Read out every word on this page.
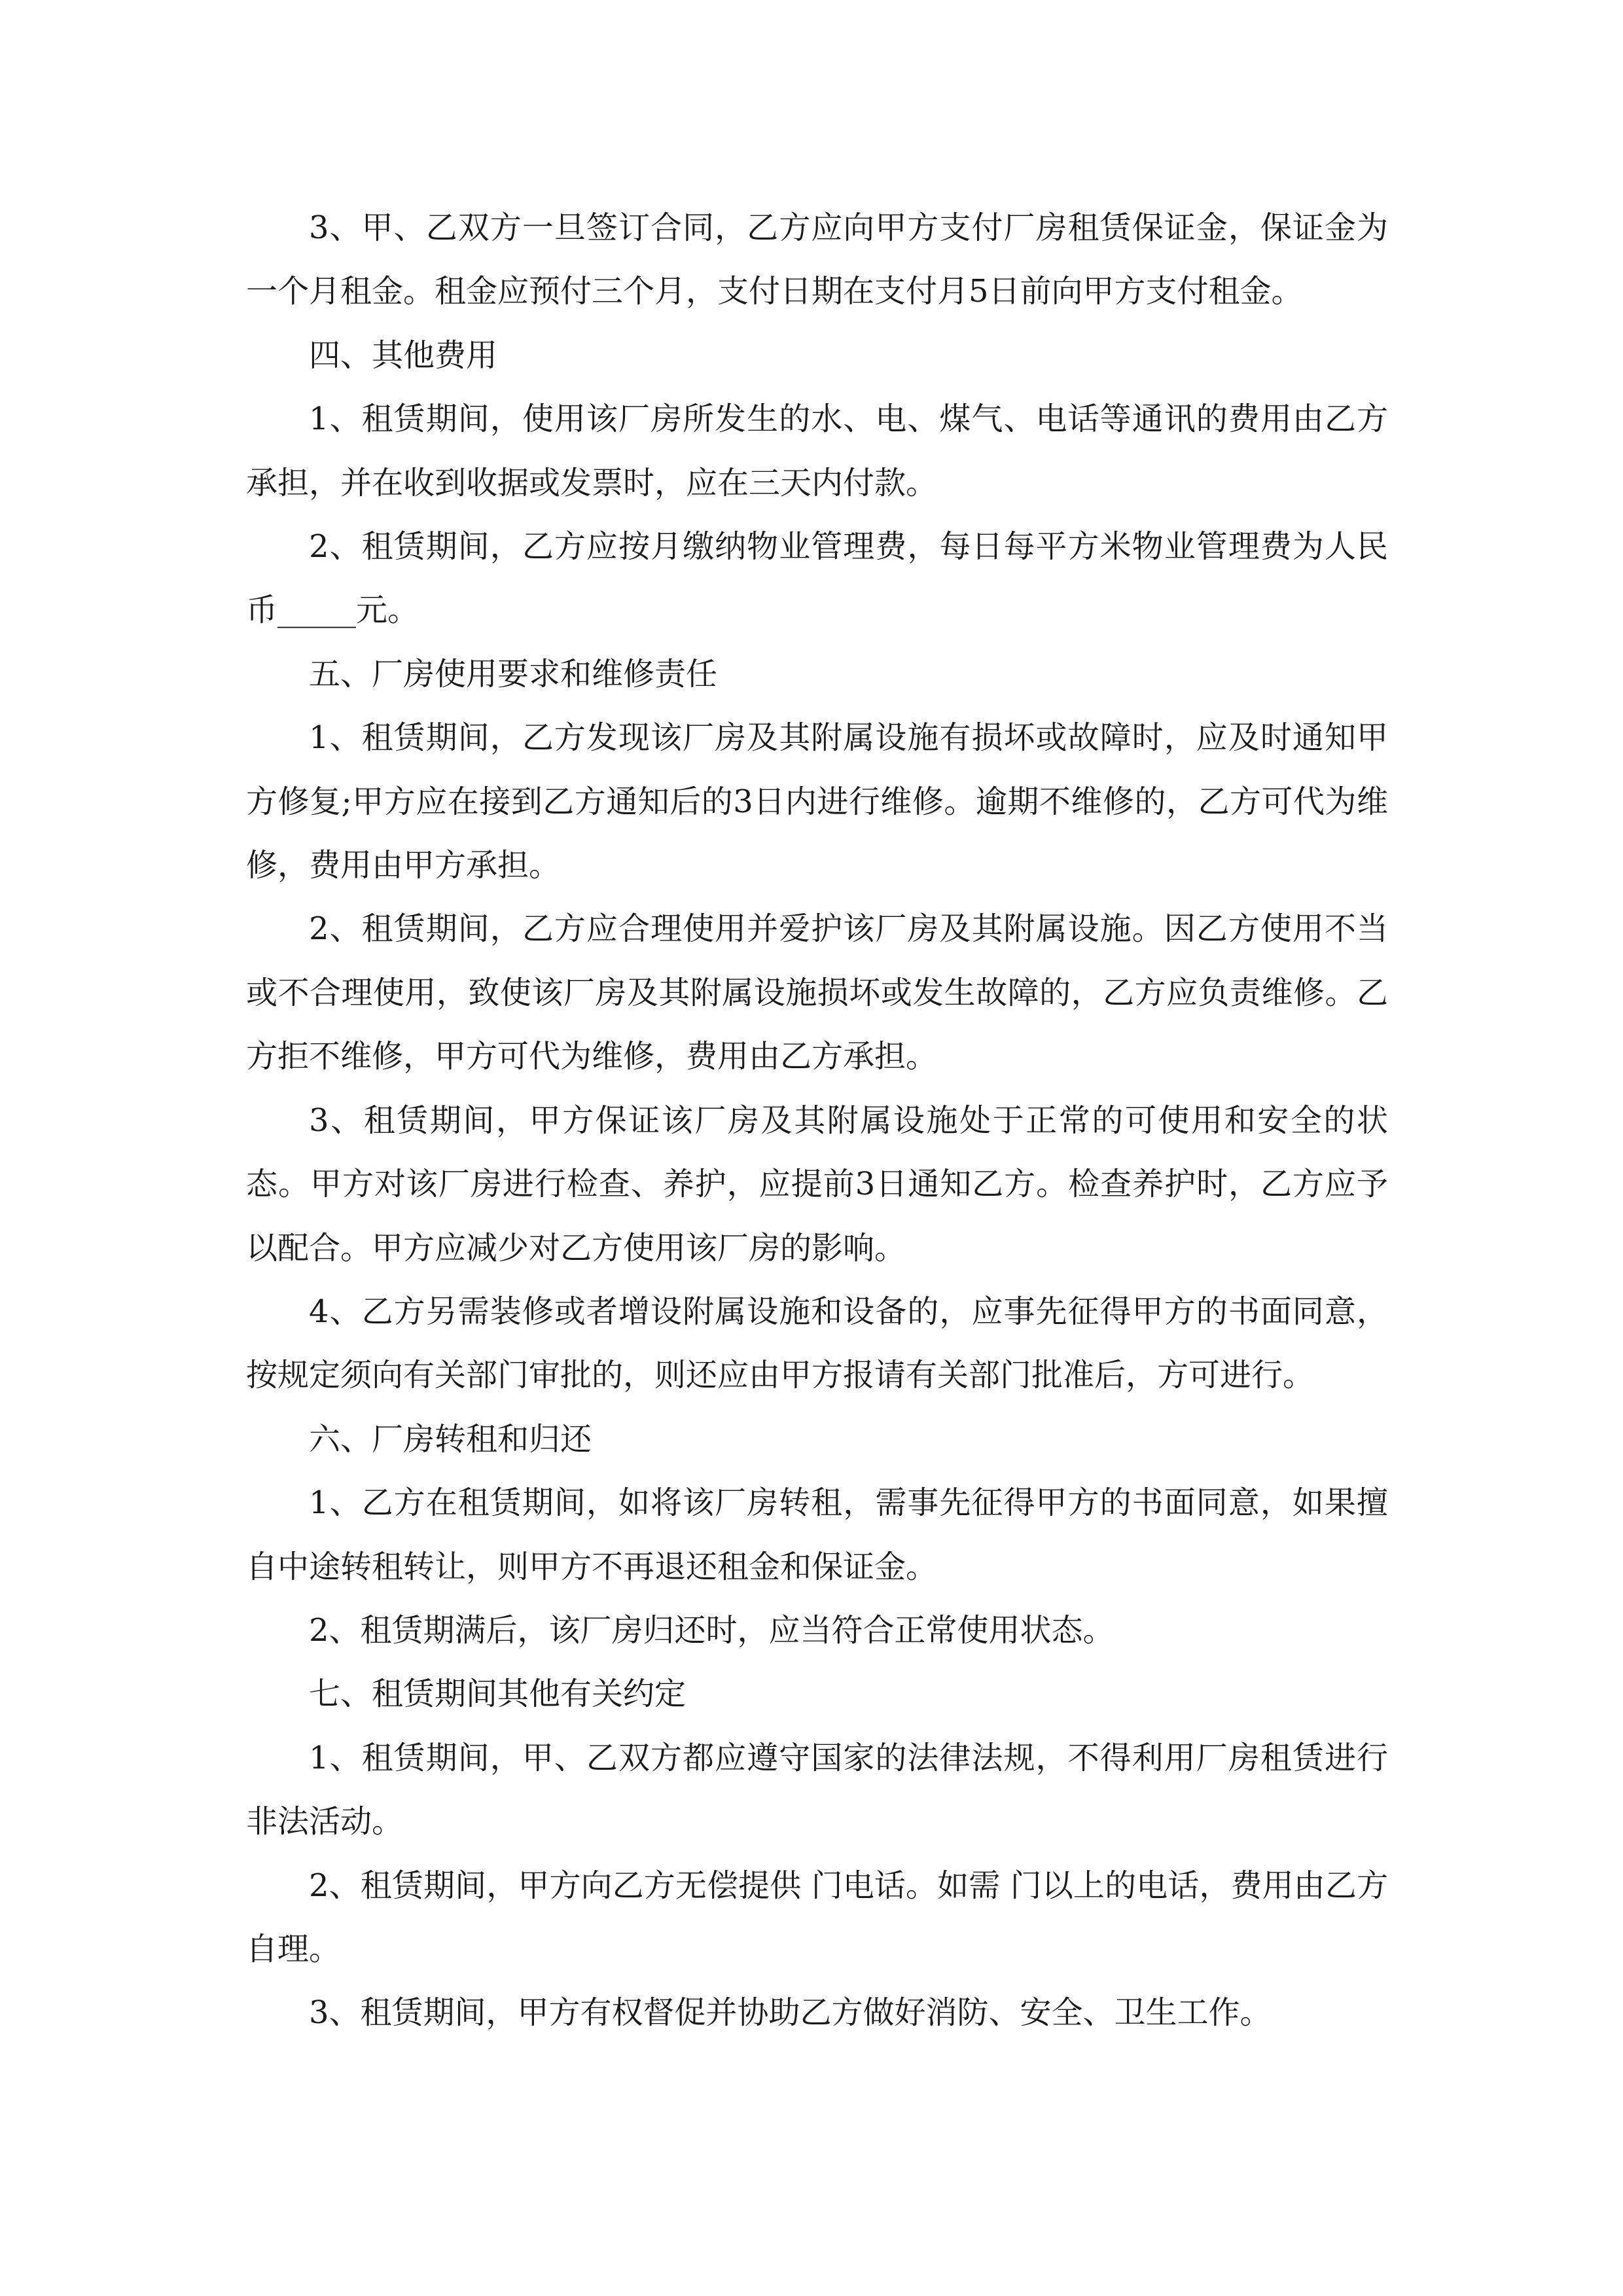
3、甲、乙双方一旦签订合同，乙方应向甲方支付厂房租赁保证金，保证金为一个月租金。租金应预付三个月，支付日期在支付月5日前向甲方支付租金。

四、其他费用

1、租赁期间，使用该厂房所发生的水、电、煤气、电话等通讯的费用由乙方承担，并在收到收据或发票时，应在三天内付款。

2、租赁期间，乙方应按月缴纳物业管理费，每日每平方米物业管理费为人民币_____元。

五、厂房使用要求和维修责任

1、租赁期间，乙方发现该厂房及其附属设施有损坏或故障时，应及时通知甲方修复;甲方应在接到乙方通知后的3日内进行维修。逾期不维修的，乙方可代为维修，费用由甲方承担。

2、租赁期间，乙方应合理使用并爱护该厂房及其附属设施。因乙方使用不当或不合理使用，致使该厂房及其附属设施损坏或发生故障的，乙方应负责维修。乙方拒不维修，甲方可代为维修，费用由乙方承担。

3、租赁期间，甲方保证该厂房及其附属设施处于正常的可使用和安全的状态。甲方对该厂房进行检查、养护，应提前3日通知乙方。检查养护时，乙方应予以配合。甲方应减少对乙方使用该厂房的影响。

4、乙方另需装修或者增设附属设施和设备的，应事先征得甲方的书面同意，按规定须向有关部门审批的，则还应由甲方报请有关部门批准后，方可进行。

六、厂房转租和归还

1、乙方在租赁期间，如将该厂房转租，需事先征得甲方的书面同意，如果擅自中途转租转让，则甲方不再退还租金和保证金。

2、租赁期满后，该厂房归还时，应当符合正常使用状态。

七、租赁期间其他有关约定

1、租赁期间，甲、乙双方都应遵守国家的法律法规，不得利用厂房租赁进行非法活动。

2、租赁期间，甲方向乙方无偿提供 门电话。如需 门以上的电话，费用由乙方自理。

3、租赁期间，甲方有权督促并协助乙方做好消防、安全、卫生工作。
